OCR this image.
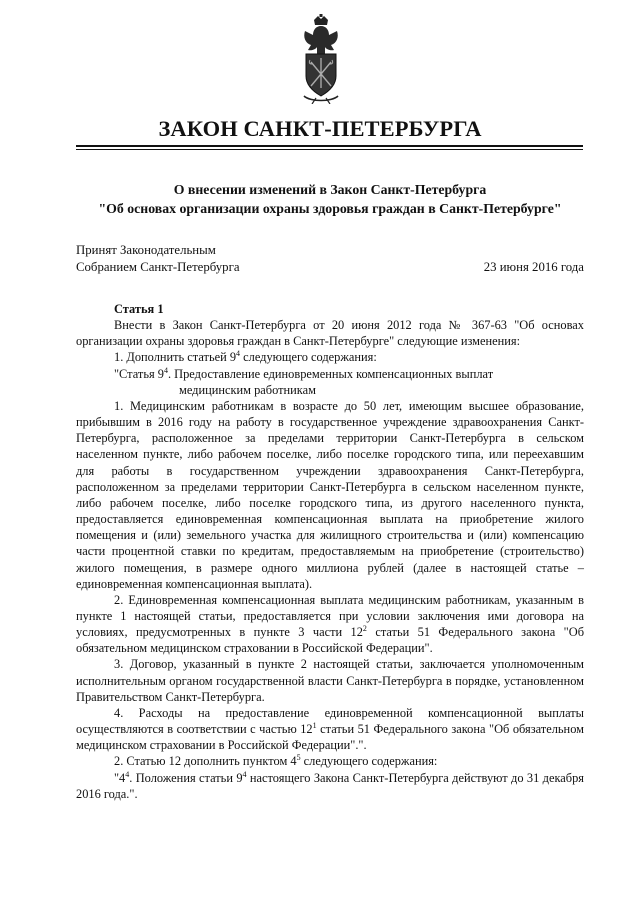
ЗАКОН САНКТ-ПЕТЕРБУРГА
О внесении изменений в Закон Санкт-Петербурга
"Об основах организации охраны здоровья граждан в Санкт-Петербурге"
Принят Законодательным
Собранием Санкт-Петербурга	23 июня 2016 года

Статья 1

Внести в Закон Санкт-Петербурга от 20 июня 2012 года № 367-63 "Об основах организации охраны здоровья граждан в Санкт-Петербурге" следующие изменения:

1. Дополнить статьей $9^4$ следующего содержания:

"Статья $9^4$. Предоставление единовременных компенсационных выплат

медицинским работникам

1. Медицинским работникам в возрасте до 50 лет, имеющим высшее образование, прибывшим в 2016 году на работу в государственное учреждение здравоохранения Санкт-Петербурга, расположенное за пределами территории Санкт-Петербурга в сельском населенном пункте, либо рабочем поселке, либо поселке городского типа, или переехавшим для работы в государственном учреждении здравоохранения Санкт-Петербурга, расположенном за пределами территории Санкт-Петербурга в сельском населенном пункте, либо рабочем поселке, либо поселке городского типа, из другого населенного пункта, предоставляется единовременная компенсационная выплата на приобретение жилого помещения и (или) земельного участка для жилищного строительства и (или) компенсацию части процентной ставки по кредитам, предоставляемым на приобретение (строительство) жилого помещения, в размере одного миллиона рублей (далее в настоящей статье – единовременная компенсационная выплата).

2. Единовременная компенсационная выплата медицинским работникам, указанным в пункте 1 настоящей статьи, предоставляется при условии заключения ими договора на условиях, предусмотренных в пункте 3 части $12^2$ статьи 51 Федерального закона "Об обязательном медицинском страховании в Российской Федерации".

3. Договор, указанный в пункте 2 настоящей статьи, заключается уполномоченным исполнительным органом государственной власти Санкт-Петербурга в порядке, установленном Правительством Санкт-Петербурга.

4. Расходы на предоставление единовременной компенсационной выплаты осуществляются в соответствии с частью $12^1$ статьи 51 Федерального закона "Об обязательном медицинском страховании в Российской Федерации".".

2. Статью 12 дополнить пунктом $4^5$ следующего содержания:

"$4^4$. Положения статьи $9^4$ настоящего Закона Санкт-Петербурга действуют до 31 декабря 2016 года.".
